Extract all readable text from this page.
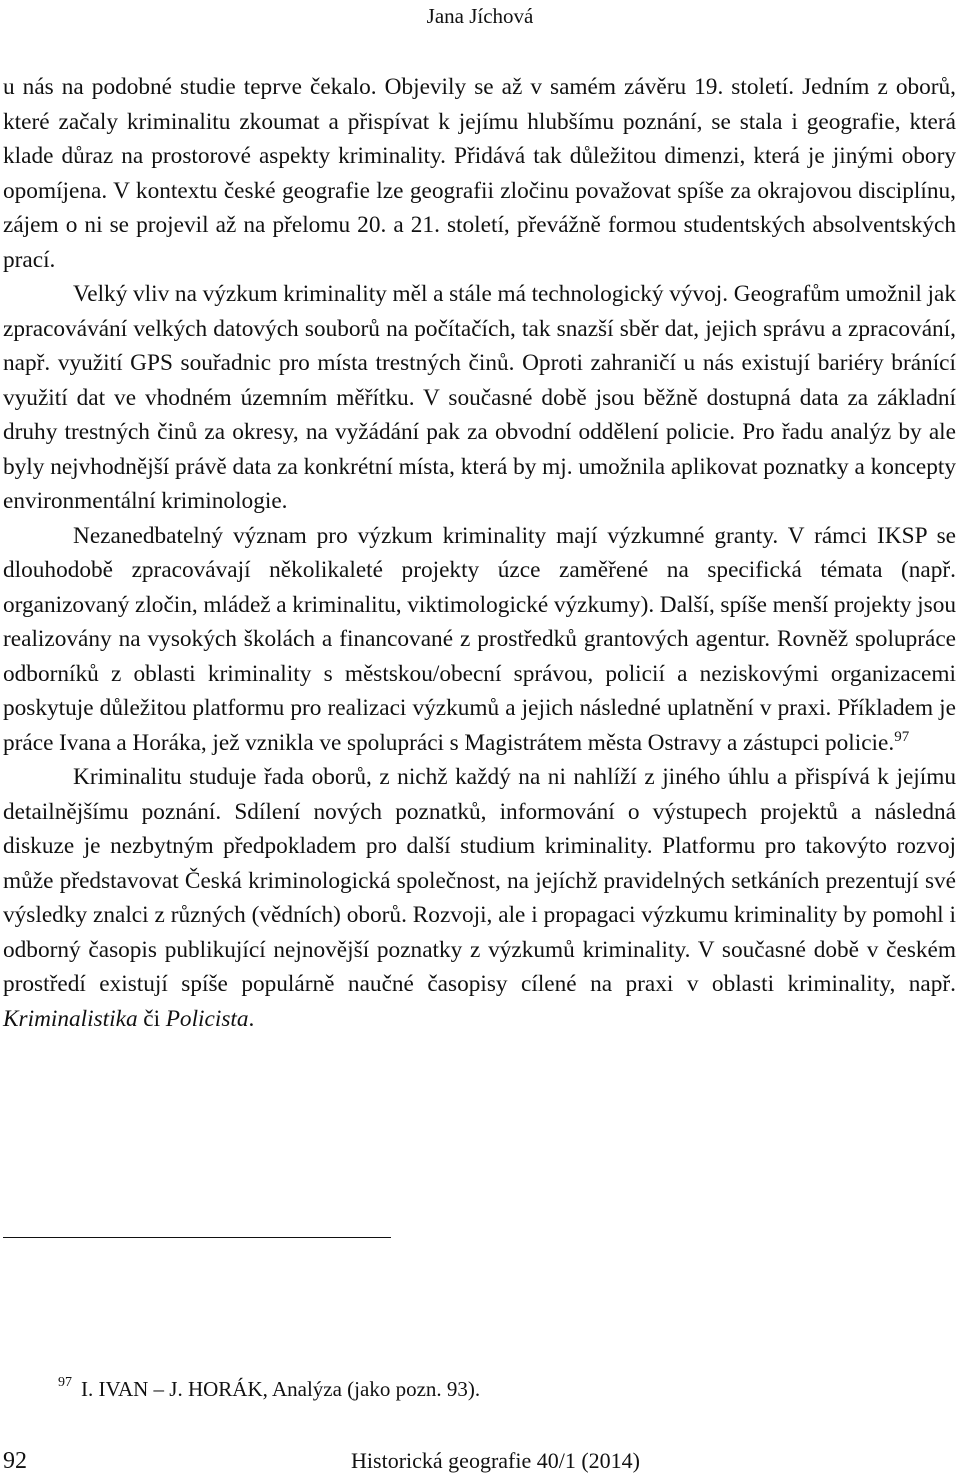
Jana Jíchová

u nás na podobné studie teprve čekalo. Objevily se až v samém závěru 19. století. Jedním z oborů, které začaly kriminalitu zkoumat a přispívat k jejímu hlubšímu poznání, se stala i geografie, která klade důraz na prostorové aspekty kriminality. Přidává tak důležitou dimenzi, která je jinými obory opomíjena. V kontextu české geografie lze geografii zločinu považovat spíše za okrajovou disciplínu, zájem o ni se projevil až na přelomu 20. a 21. století, převážně formou studentských absolventských prací.

Velký vliv na výzkum kriminality měl a stále má technologický vývoj. Geografům umožnil jak zpracovávání velkých datových souborů na počítačích, tak snazší sběr dat, jejich správu a zpracování, např. využití GPS souřadnic pro místa trestných činů. Oproti zahraničí u nás existují bariéry bránící využití dat ve vhodném územním měřítku. V současné době jsou běžně dostupná data za základní druhy trestných činů za okresy, na vyžádání pak za obvodní oddělení policie. Pro řadu analýz by ale byly nejvhodnější právě data za konkrétní místa, která by mj. umožnila aplikovat poznatky a koncepty environmentální kriminologie.

Nezanedbatelný význam pro výzkum kriminality mají výzkumné granty. V rámci IKSP se dlouhodobě zpracovávají několikaleté projekty úzce zaměřené na specifická témata (např. organizovaný zločin, mládež a kriminalitu, viktimologické výzkumy). Další, spíše menší projekty jsou realizovány na vysokých školách a financované z prostředků grantových agentur. Rovněž spolupráce odborníků z oblasti kriminality s městskou/obecní správou, policií a neziskovými organizacemi poskytuje důležitou platformu pro realizaci výzkumů a jejich následné uplatnění v praxi. Příkladem je práce Ivana a Horáka, jež vznikla ve spolupráci s Magistrátem města Ostravy a zástupci policie.$^{97}$

Kriminalitu studuje řada oborů, z nichž každý na ni nahlíží z jiného úhlu a přispívá k jejímu detailnějšímu poznání. Sdílení nových poznatků, informování o výstupech projektů a následná diskuze je nezbytným předpokladem pro další studium kriminality. Platformu pro takovýto rozvoj může představovat Česká kriminologická společnost, na jejíchž pravidelných setkáních prezentují své výsledky znalci z různých (vědních) oborů. Rozvoji, ale i propagaci výzkumu kriminality by pomohl i odborný časopis publikující nejnovější poznatky z výzkumů kriminality. V současné době v českém prostředí existují spíše populárně naučné časopisy cílené na praxi v oblasti kriminality, např. Kriminalistika či Policista.

$^{97}$ I. IVAN – J. HORÁK, Analýza (jako pozn. 93).
92	Historická geografie 40/1 (2014)
